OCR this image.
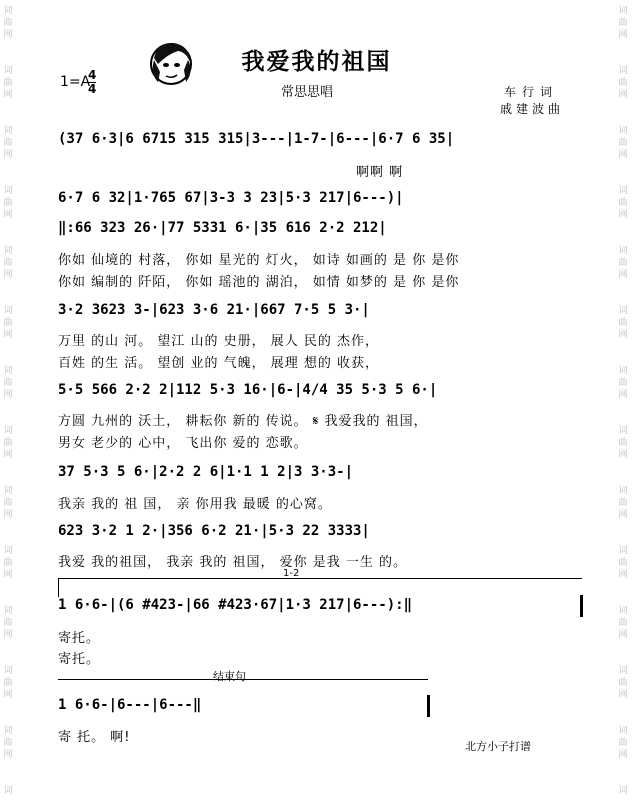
词
曲
网
词
曲
网
词
曲
网
词
曲
网
词
曲
网
词
曲
网
词
曲
网
词
曲
网
词
曲
网
词
曲
网
词
曲
网
词
曲
网
词
曲
网
词
词
曲
网
词
曲
网
词
曲
网
词
曲
网
词
曲
网
词
曲
网
词
曲
网
词
曲
网
词
曲
网
词
曲
网
词
曲
网
词
曲
网
词
曲
网
词
我爱我的祖国
1=A
4
4	常思思唱	车行词
戚建波曲
(37 6·3|6 6715 315 315|3---|1-7-|6---|6·7 6 35|
啊啊 啊
6·7 6 32|1·765 67|3-3 3 23|5·3 217|6---)|
‖:66 323 26·|77 5331 6·|35 616 2·2 212|
你如 仙境的 村落， 你如 星光的 灯火， 如诗 如画的 是 你 是你
你如 编制的 阡陌， 你如 瑶池的 湖泊， 如情 如梦的 是 你 是你
3·2 3623 3-|623 3·6 21·|667 7·5 5 3·|
万里 的山 河。 望江 山的 史册， 展人 民的 杰作，
百姓 的生 活。 望创 业的 气魄， 展理 想的 收获，
5·5 566 2·2 2|112 5·3 16·|6-|4/4 35 5·3 5 6·|
方圆 九州的 沃土， 耕耘你 新的 传说。 𝄋 我爱我的 祖国，
男女 老少的 心中， 飞出你 爱的 恋歌。
37 5·3 5 6·|2·2 2 6|1·1 1 2|3 3·3-|
我亲 我的 祖 国， 亲 你用我 最暖 的心窝。
623 3·2 1 2·|356 6·2 21·|5·3 22 3333|
我爱 我的祖国， 我亲 我的 祖国， 爱你 是我 一生 的。
1-2
1 6·6-|(6 #423-|66 #423·67|1·3 217|6---):‖
寄托。
寄托。
结束句
1 6·6-|6---|6---‖
寄 托。 啊!
北方小子打谱
